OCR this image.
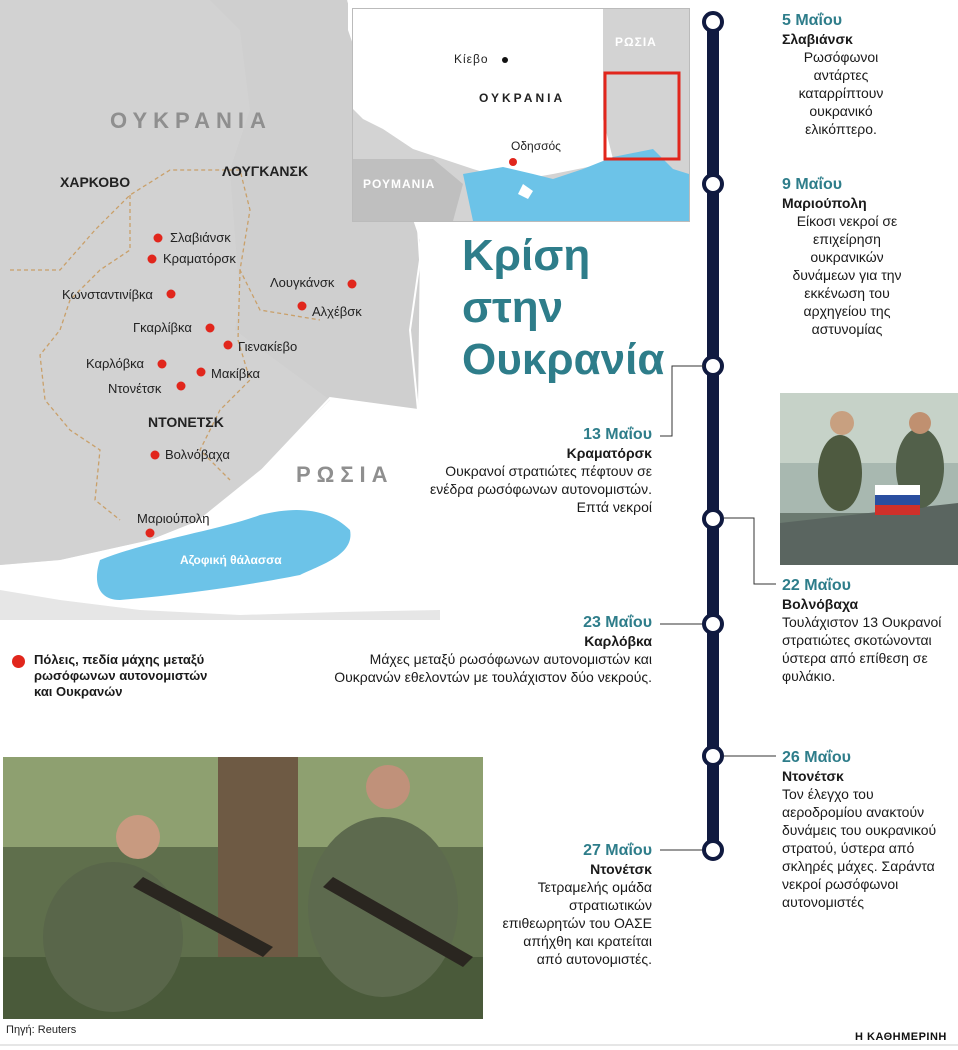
ΟΥΚΡΑΝΙΑ
ΡΩΣΙΑ
ΧΑΡΚΟΒΟ
ΛΟΥΓΚΑΝΣΚ
ΝΤΟΝΕΤΣΚ
Σλαβιάνσκ
Κραματόρσκ
Κωνσταντινίβκα
Λουγκάνσκ
Αλχέβσκ
Γκαρλίβκα
Γιενακίεβο
Καρλόβκα
Μακίβκα
Ντονέτσκ
Βολνόβαχα
Μαριούπολη
Αζοφική θάλασσα
Κίεβο
ΟΥΚΡΑΝΙΑ
ΡΩΣΙΑ
ΡΟΥΜΑΝΙΑ
Οδησσός
Κρίση στην Ουκρανία
Πόλεις, πεδία μάχης μεταξύ ρωσόφωνων αυτονομιστών και Ουκρανών
5 Μαΐου
Σλαβιάνσκ
Ρωσόφωνοι αντάρτες καταρρίπτουν ουκρανικό ελικόπτερο.
9 Μαΐου
Μαριούπολη
Είκοσι νεκροί σε επιχείρηση ουκρανικών δυνάμεων για την εκκένωση του αρχηγείου της αστυνομίας
13 Μαΐου
Κραματόρσκ
Ουκρανοί στρατιώτες πέφτουν σε ενέδρα ρωσόφωνων αυτονομιστών. Επτά νεκροί
22 Μαΐου
Βολνόβαχα
Τουλάχιστον 13 Ουκρανοί στρατιώτες σκοτώνονται ύστερα από επίθεση σε φυλάκιο.
23 Μαΐου
Καρλόβκα
Μάχες μεταξύ ρωσόφωνων αυτονομιστών και Ουκρανών εθελοντών με τουλάχιστον δύο νεκρούς.
26 Μαΐου
Ντονέτσκ
Τον έλεγχο του αεροδρομίου ανακτούν δυνάμεις του ουκρανικού στρατού, ύστερα από σκληρές μάχες. Σαράντα νεκροί ρωσόφωνοι αυτονομιστές
27 Μαΐου
Ντονέτσκ
Τετραμελής ομάδα στρατιωτικών επιθεωρητών του ΟΑΣΕ απήχθη και κρατείται από αυτονομιστές.
Πηγή: Reuters
Η ΚΑΘΗΜΕΡΙΝΗ
